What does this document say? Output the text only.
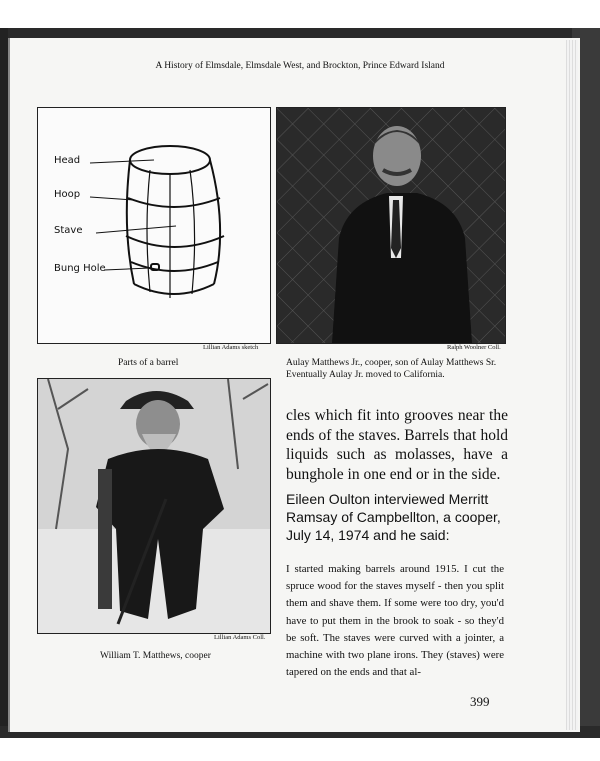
A History of Elmsdale, Elmsdale West, and Brockton, Prince Edward Island
Head
Hoop
Stave
Bung Hole
Lillian Adams sketch
Parts of a barrel
Ralph Woolner Coll.
Aulay Matthews Jr., cooper, son of Aulay Matthews Sr. Eventually Aulay Jr. moved to California.
Lillian Adams Coll.
William T. Matthews, cooper
cles which fit into grooves near the ends of the staves. Barrels that hold liquids such as molasses, have a bunghole in one end or in the side.
Eileen Oulton interviewed Merritt Ramsay of Campbellton, a cooper, July 14, 1974 and he said:
I started making barrels around 1915. I cut the spruce wood for the staves myself - then you split them and shave them. If some were too dry, you'd have to put them in the brook to soak - so they'd be soft. The staves were curved with a jointer, a machine with two plane irons. They (staves) were tapered on the ends and that al-
399
